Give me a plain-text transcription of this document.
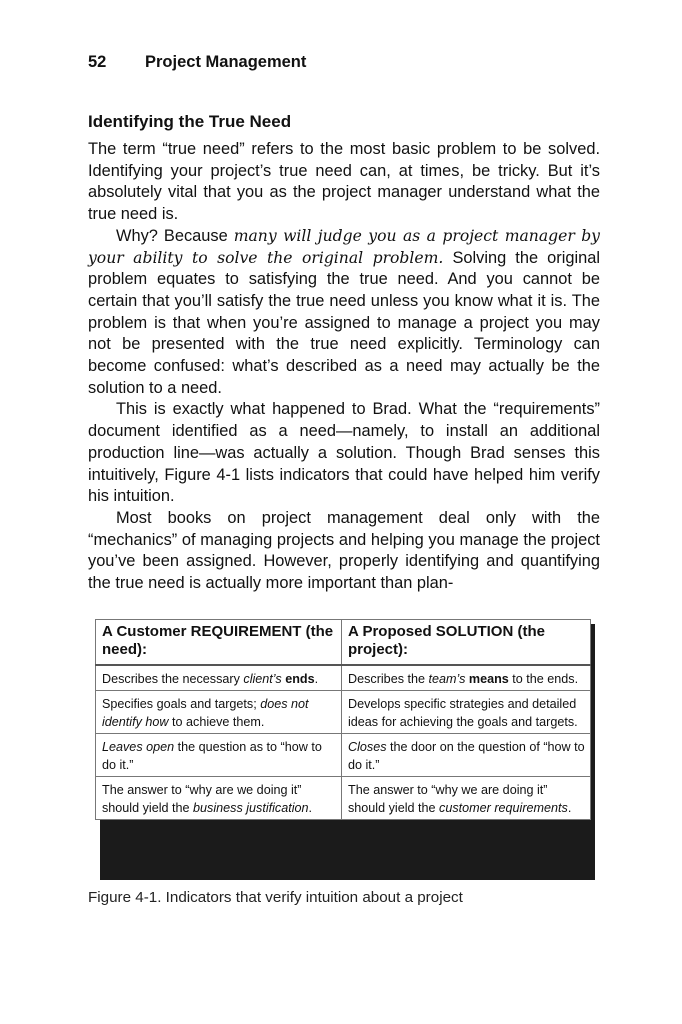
52 Project Management
Identifying the True Need

The term “true need” refers to the most basic problem to be solved. Identifying your project’s true need can, at times, be tricky. But it’s absolutely vital that you as the project manager understand what the true need is.

Why? Because many will judge you as a project manager by your ability to solve the original problem. Solving the original problem equates to satisfying the true need. And you cannot be certain that you’ll satisfy the true need unless you know what it is. The problem is that when you’re assigned to manage a project you may not be presented with the true need explicitly. Terminology can become confused: what’s described as a need may actually be the solution to a need.

This is exactly what happened to Brad. What the “requirements” document identified as a need—namely, to install an additional production line—was actually a solution. Though Brad senses this intuitively, Figure 4-1 lists indicators that could have helped him verify his intuition.

Most books on project management deal only with the “mechanics” of managing projects and helping you manage the project you’ve been assigned. However, properly identifying and quantifying the true need is actually more important than plan-

A Customer REQUIREMENT (the need):	A Proposed SOLUTION (the project):
Describes the necessary client’s ends.	Describes the team’s means to the ends.
Specifies goals and targets; does not identify how to achieve them.	Develops specific strategies and detailed ideas for achieving the goals and targets.
Leaves open the question as to “how to do it.”	Closes the door on the question of “how to do it.”
The answer to “why are we doing it” should yield the business justification.	The answer to “why we are doing it” should yield the customer requirements.
Figure 4-1. Indicators that verify intuition about a project
